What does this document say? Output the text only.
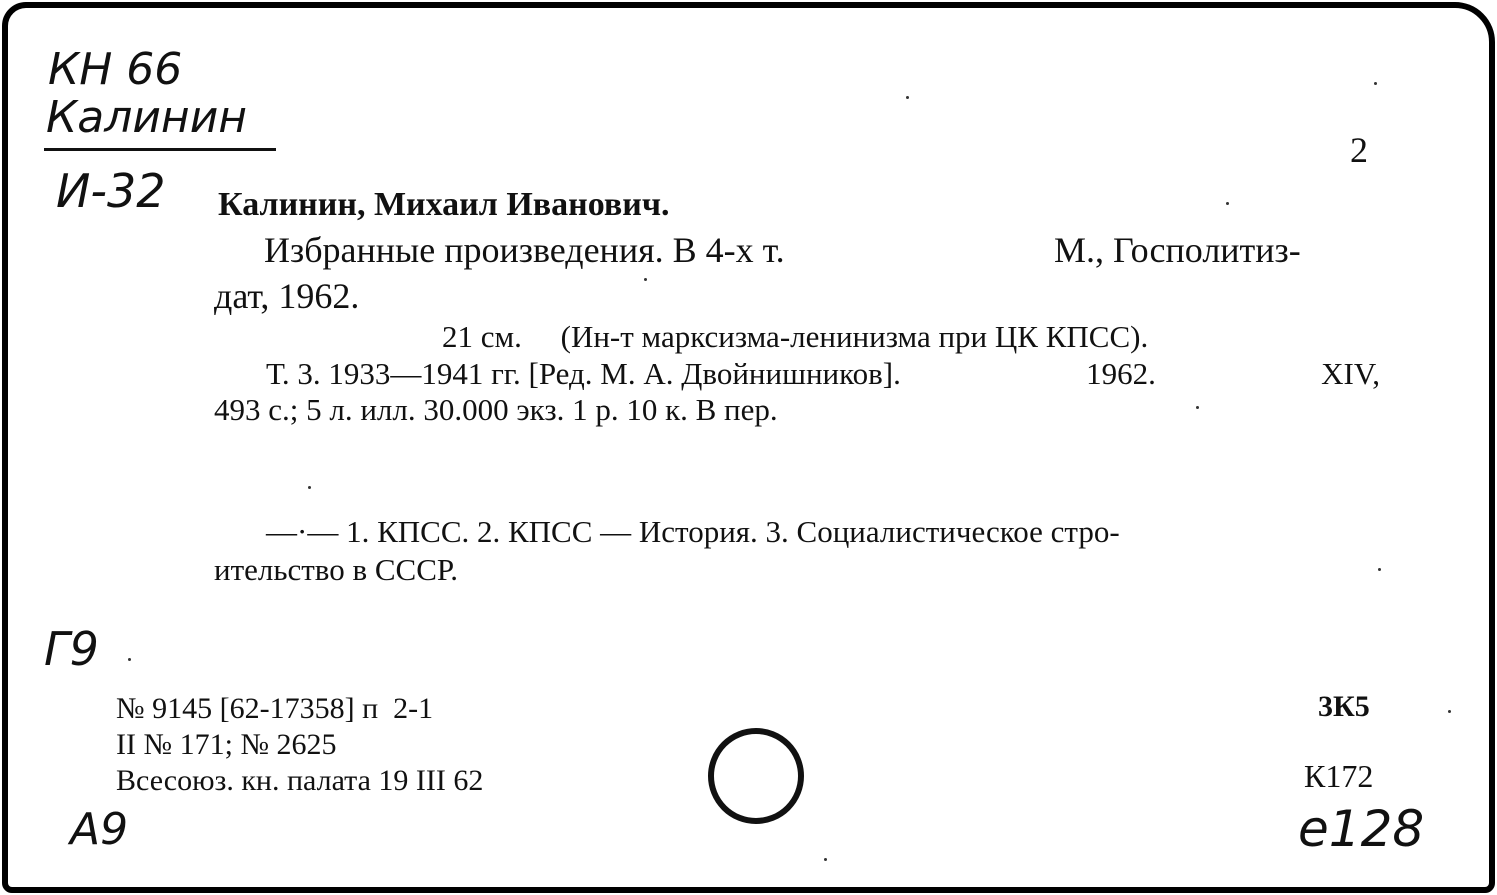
КН 66
Калинин
И-32
2
Калинин, Михаил Иванович.
Избранные произведения. В 4-х т.	М., Госполитиз-
дат, 1962.
21 см.     (Ин-т марксизма-ленинизма при ЦК КПСС).
Т. 3. 1933—1941 гг. [Ред. М. А. Двойнишников].	1962.	XIV,
493 с.; 5 л. илл. 30.000 экз. 1 р. 10 к. В пер.
—·— 1. КПСС. 2. КПСС — История. 3. Социалистическое стро-
ительство в СССР.
Г9
№ 9145 [62-17358] п  2-1
II № 171; № 2625
Всесоюз. кн. палата 19 III 62
3К5
К172
А9	e128
